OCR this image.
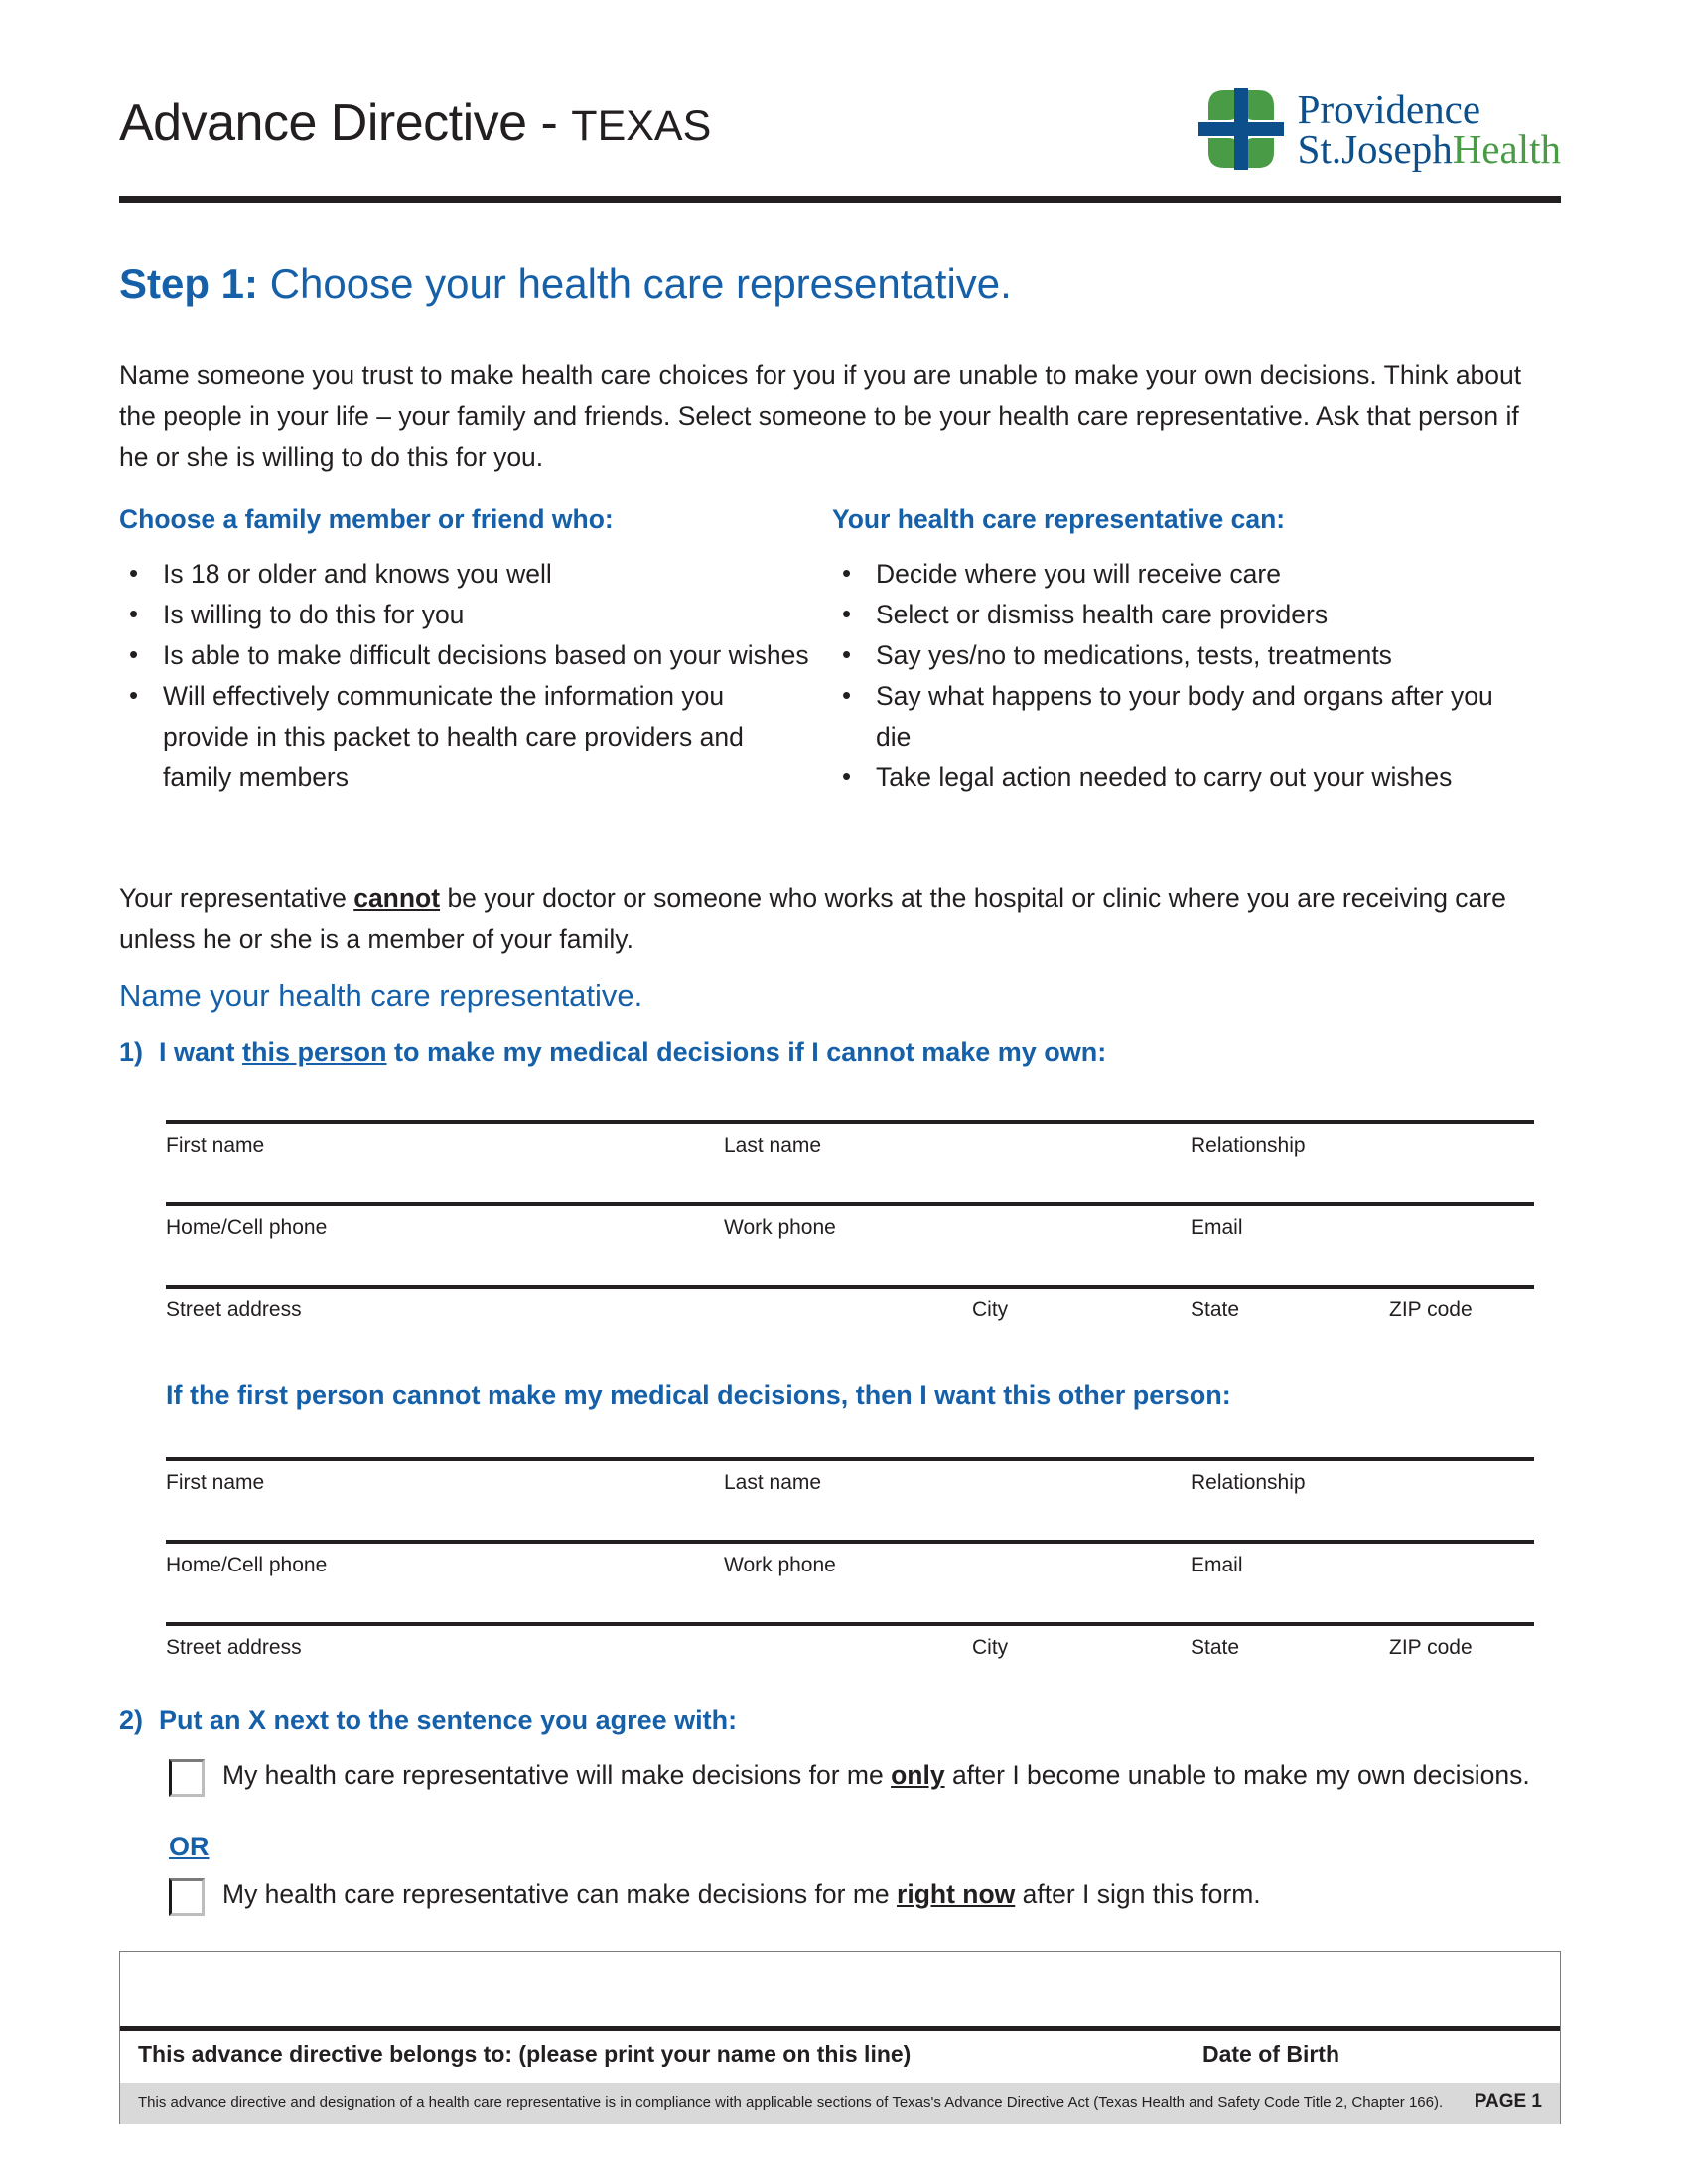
Advance Directive - TEXAS	Providence
St.JosephHealth
Step 1: Choose your health care representative.
Name someone you trust to make health care choices for you if you are unable to make your own decisions. Think about the people in your life – your family and friends. Select someone to be your health care representative. Ask that person if he or she is willing to do this for you.
Choose a family member or friend who:
• Is 18 or older and knows you well
• Is willing to do this for you
• Is able to make difficult decisions based on your wishes
• Will effectively communicate the information you provide in this packet to health care providers and family members
Your health care representative can:
• Decide where you will receive care
• Select or dismiss health care providers
• Say yes/no to medications, tests, treatments
• Say what happens to your body and organs after you die
• Take legal action needed to carry out your wishes
Your representative cannot be your doctor or someone who works at the hospital or clinic where you are receiving care unless he or she is a member of your family.
Name your health care representative.
1) I want this person to make my medical decisions if I cannot make my own:
First name	Last name	Relationship
Home/Cell phone	Work phone	Email
Street address	City	State	ZIP code
If the first person cannot make my medical decisions, then I want this other person:
First name	Last name	Relationship
Home/Cell phone	Work phone	Email
Street address	City	State	ZIP code
2) Put an X next to the sentence you agree with:
My health care representative will make decisions for me only after I become unable to make my own decisions.
OR
My health care representative can make decisions for me right now after I sign this form.
This advance directive belongs to: (please print your name on this line)	Date of Birth
This advance directive and designation of a health care representative is in compliance with applicable sections of Texas's Advance Directive Act (Texas Health and Safety Code Title 2, Chapter 166). PAGE 1
